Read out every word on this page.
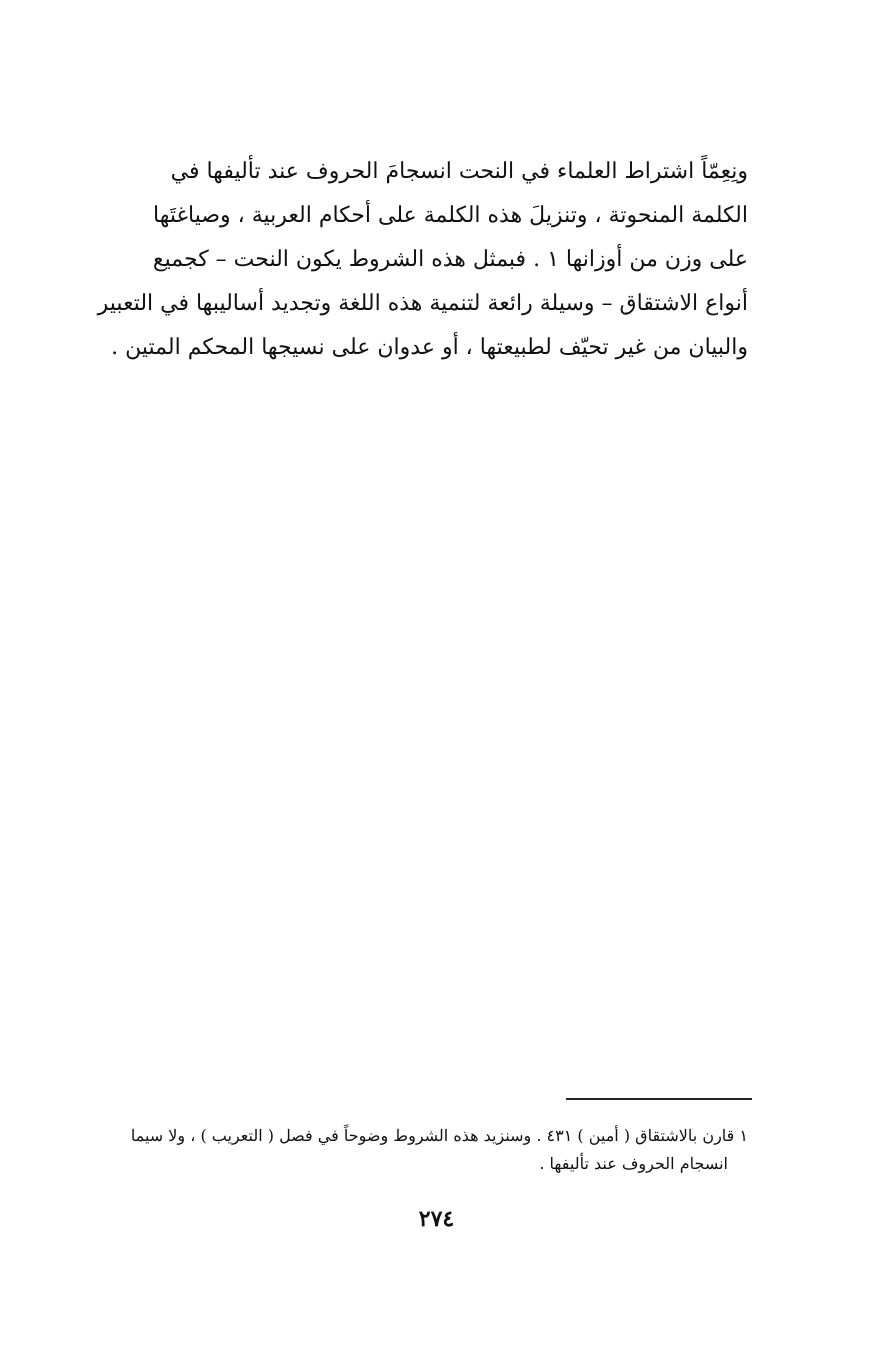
ونِعِمّاً اشتراط العلماء في النحت انسجامَ الحروف عند تأليفها في
الكلمة المنحوتة ، وتنزيلَ هذه الكلمة على أحكام العربية ، وصياغتَها
على وزن من أوزانها ١ . فبمثل هذه الشروط يكون النحت – كجميع
أنواع الاشتقاق – وسيلة رائعة لتنمية هذه اللغة وتجديد أساليبها في التعبير
والبيان من غير تحيّف لطبيعتها ، أو عدوان على نسيجها المحكم المتين .
١ قارن بالاشتقاق ( أمين ) ٤٣١ . وسنزيد هذه الشروط وضوحاً في فصل ( التعريب ) ، ولا سيما
انسجام الحروف عند تأليفها .
٢٧٤
